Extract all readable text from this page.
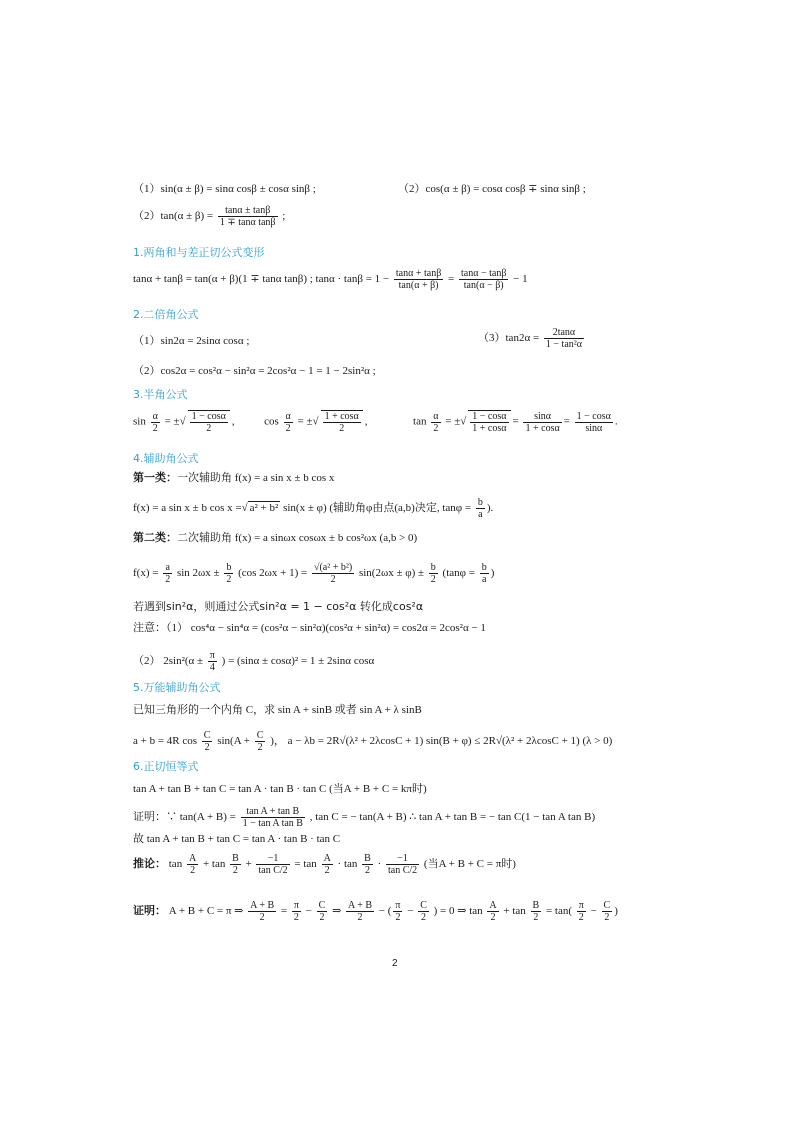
（1）sin(α ± β) = sinα cosβ ± cosα sinβ ;	（2）cos(α ± β) = cosα cosβ ∓ sinα sinβ ;
$(2)\tan(\alpha \pm \beta) = \frac{\tan\alpha \pm \tan\beta}{\text{1 ∓ tanα tanβ}}$ ;
1.两角和与差正切公式变形
tanα + tanβ = tan(α + β)(1 ∓ tanα tanβ) ; $\tan\alpha \cdot \tan\beta = 1 - \frac{\tan\alpha + \tan\beta}{\tan(\alpha + \beta)} = \frac{\tan\alpha - \tan\beta}{\tan(\alpha - \beta)} - 1$
2.二倍角公式
（1）sin2α = 2sinα cosα ;	$(3)\tan 2\alpha = \frac{2\tan\alpha}{\text{1 − tan²α}}$
（2）cos2α = cos²α − sin²α = 2cos²α − 1 = 1 − 2sin²α ;
3.半角公式
$\sin \frac{\alpha}{2}$ = ±√ $\frac{1 - \cos\alpha}{2}$ ,	$\cos \frac{\alpha}{2}$ = ±√ $\frac{1 + \cos\alpha}{2}$ ,	$\tan \frac{\alpha}{2}$ = ±√ $\frac{1 - \cos\alpha}{1 + \cos\alpha} = \frac{\sin\alpha}{1 + \cos\alpha} = \frac{1 - \cos\alpha}{\sin\alpha}$ .
4.辅助角公式
第一类：一次辅助角 f(x) = a sin x ± b cos x
f(x) = a sin x ± b cos x =√ a² + b² sin(x ± φ) (辅助角φ由点(a,b)决定, $\tan\varphi = \frac{b}{a}$ ).
第二类：二次辅助角 f(x) = a sinωx cosωx ± b cos²ωx (a,b > 0)
$f(x) = \frac{a}{2}$ $\sin 2\omega x \pm \frac{b}{2} (\cos$ $2\omega x + 1) = \frac{\text{√(a² + b²)}}{2} \sin(2\omega x \pm \varphi) \pm \frac{b}{2} (\tan\varphi = \frac{b}{a}$ )
若遇到sin²α，则通过公式sin²α = 1 − cos²α 转化成cos²α
注意：（1） cos⁴α − sin⁴α = (cos²α − sin²α)(cos²α + sin²α) = cos2α = 2cos²α − 1
（2） $2\sin^2(\alpha \pm \frac{\pi}{4}$ ) = (sinα ± cosα)² = 1 ± 2sinα cosα
5.万能辅助角公式
已知三角形的一个内角 C，求 sin A + sinB 或者 sin A + λ sinB
a + b = 4R $\cos \frac{C}{2} \sin(A + \frac{C}{2}$ )， a − λb = 2R√(λ² + 2λcosC + 1) sin(B + φ) ≤ 2R√(λ² + 2λcosC + 1) (λ > 0)
6.正切恒等式
tan A + tan B + tan C = tan A · tan B · tan C (当A + B + C = kπ时)
证明：∵ $\tan(A + B) = \frac{\text{tan A + tan B}}{\text{1 − tan A tan B}}$ , tan C = − tan(A + B) ∴ tan A + tan B = − tan C(1 − tan A tan B)
故 tan A + tan B + tan C = tan A · tan B · tan C
推论： $\tan \frac{A}{2} + \tan \frac{B}{2} + \frac{-1}{\text{tan C/2}} = \tan \frac{A}{2} \cdot \tan \frac{B}{2} \cdot \frac{-1}{\text{tan C/2}}$ (当A + B + C = π时)
证明： A + B + C = π ⇒ $\frac{A + B}{2} = \frac{\pi}{2} - \frac{C}{2}$ ⇒ $\frac{A + B}{2}$ − ( $\frac{\pi}{2} - \frac{C}{2}$ ) = 0 ⇒ $\tan \frac{A}{2} + \tan \frac{B}{2} = \tan( \frac{\pi}{2} - \frac{C}{2}$ )
2
